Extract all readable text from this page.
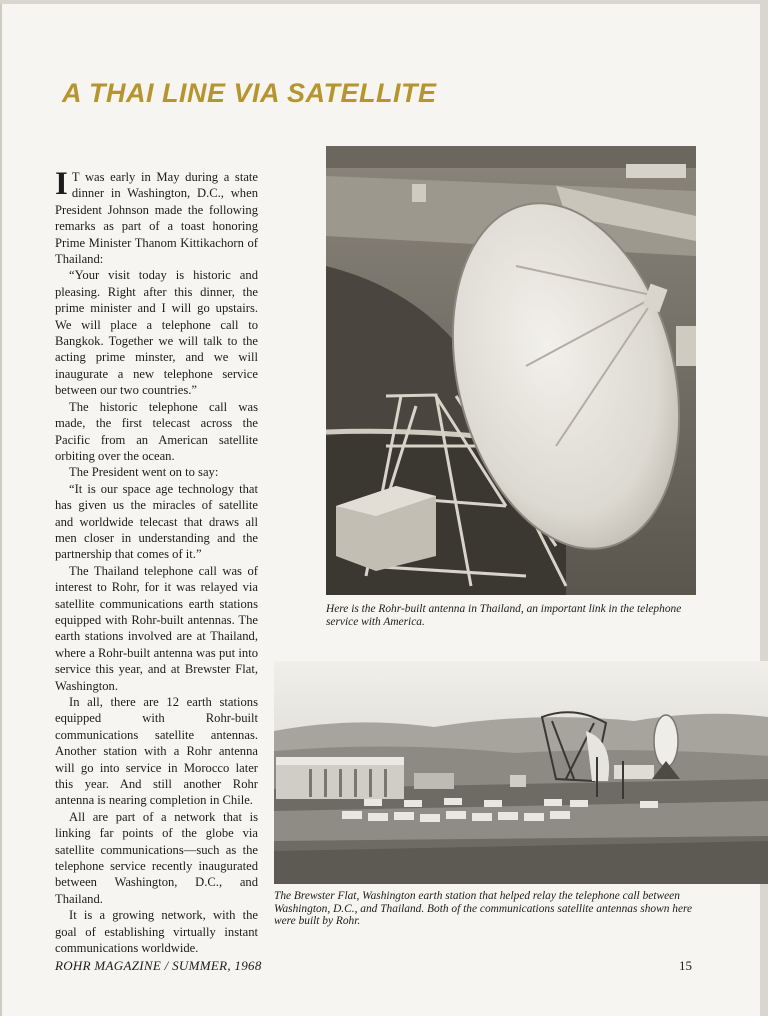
A THAI LINE VIA SATELLITE

I T was early in May during a state dinner in Washington, D.C., when President Johnson made the following remarks as part of a toast honoring Prime Minister Thanom Kittikachorn of Thailand:

“Your visit today is historic and pleasing. Right after this dinner, the prime minister and I will go upstairs. We will place a telephone call to Bangkok. Together we will talk to the acting prime minster, and we will inaugurate a new telephone service between our two countries.”

The historic telephone call was made, the first telecast across the Pacific from an American satellite orbiting over the ocean.

The President went on to say:

“It is our space age technology that has given us the miracles of satellite and worldwide telecast that draws all men closer in understanding and the partnership that comes of it.”

The Thailand telephone call was of interest to Rohr, for it was relayed via satellite communications earth stations equipped with Rohr-built antennas. The earth stations involved are at Thailand, where a Rohr-built antenna was put into service this year, and at Brewster Flat, Washington.

In all, there are 12 earth stations equipped with Rohr-built communications satellite antennas. Another station with a Rohr antenna will go into service in Morocco later this year. And still another Rohr antenna is nearing completion in Chile.

All are part of a network that is linking far points of the globe via satellite communications—such as the telephone service recently inaugurated between Washington, D.C., and Thailand.

It is a growing network, with the goal of establishing virtually instant communications worldwide.

Here is the Rohr-built antenna in Thailand, an important link in the telephone service with America.

The Brewster Flat, Washington earth station that helped relay the telephone call between Washington, D.C., and Thailand. Both of the communications satellite antennas shown here were built by Rohr.

ROHR MAGAZINE / SUMMER, 1968	15
